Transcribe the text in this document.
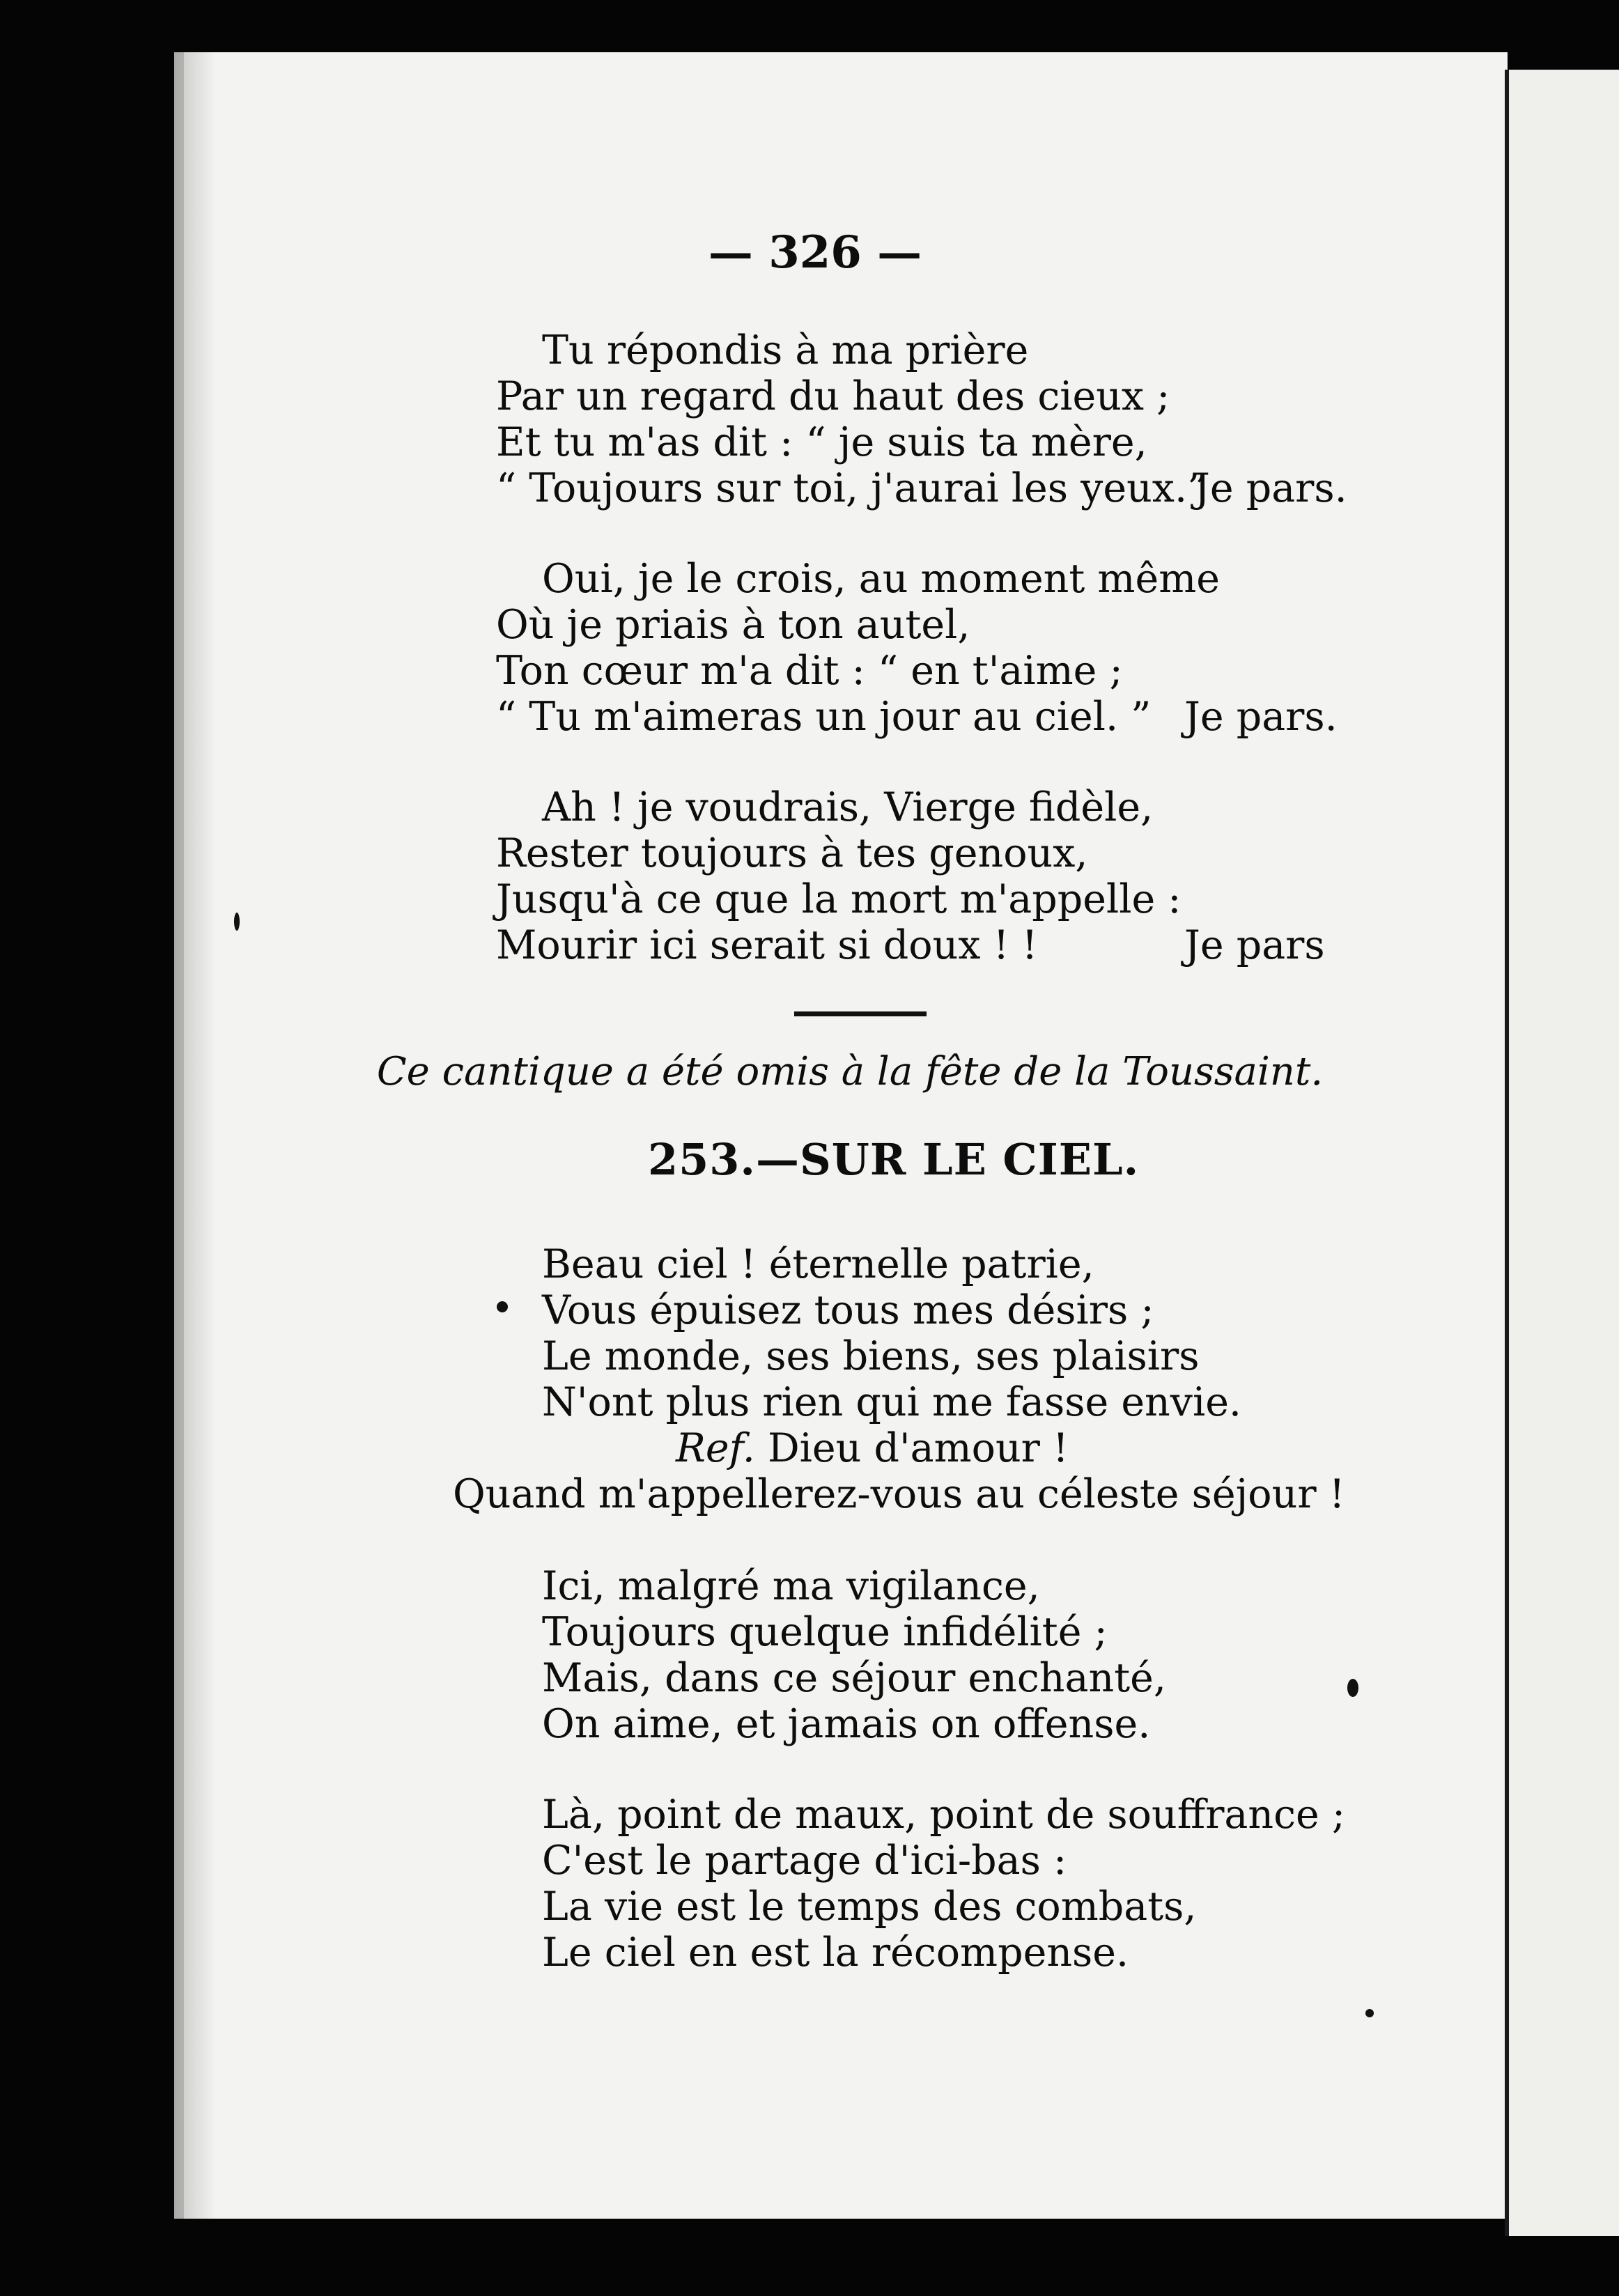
— 326 —
Tu répondis à ma prière
Par un regard du haut des cieux ;
Et tu m'as dit : “ je suis ta mère,
“ Toujours sur toi, j'aurai les yeux.”
Je pars.
Oui, je le crois, au moment même
Où je priais à ton autel,
Ton cœur m'a dit : “ en t'aime ;
“ Tu m'aimeras un jour au ciel. ” Je pars.
Ah ! je voudrais, Vierge fidèle,
Rester toujours à tes genoux,
Jusqu'à ce que la mort m'appelle :
Mourir ici serait si doux ! !	Je pars
Ce cantique a été omis à la fête de la Toussaint.
253.—SUR LE CIEL.
Beau ciel ! éternelle patrie,
Vous épuisez tous mes désirs ;
Le monde, ses biens, ses plaisirs
N'ont plus rien qui me fasse envie.
Ref. Dieu d'amour !
Quand m'appellerez-vous au céleste séjour !
Ici, malgré ma vigilance,
Toujours quelque infidélité ;
Mais, dans ce séjour enchanté,
On aime, et jamais on offense.
Là, point de maux, point de souffrance ;
C'est le partage d'ici-bas :
La vie est le temps des combats,
Le ciel en est la récompense.
